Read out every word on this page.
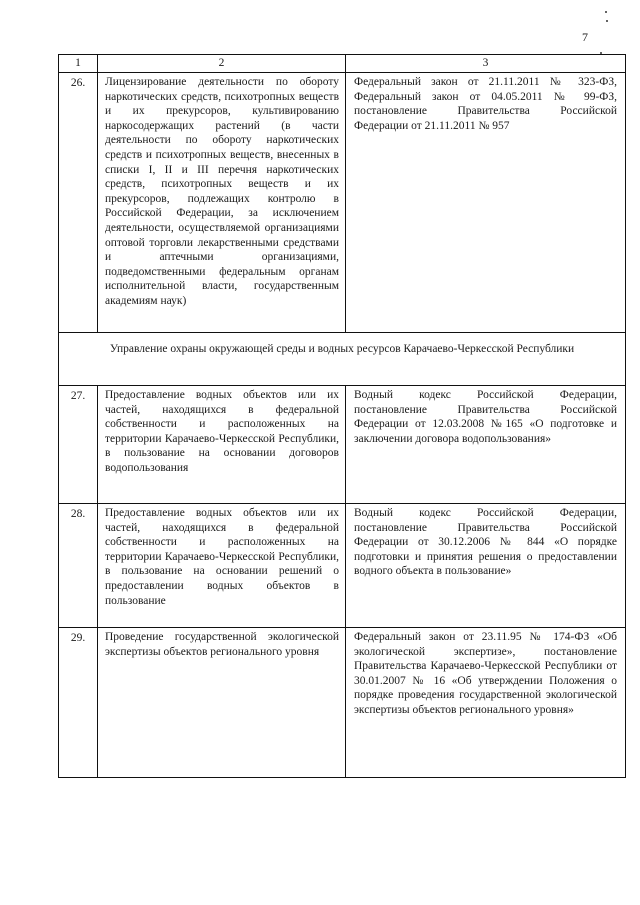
7
1	2	3
26.	Лицензирование деятельности по обороту наркотических средств, психотропных веществ и их прекурсоров, культивированию наркосодержащих растений (в части деятельности по обороту наркотических средств и психотропных веществ, внесенных в списки I, II и III перечня наркотических средств, психотропных веществ и их прекурсоров, подлежащих контролю в Российской Федерации, за исключением деятельности, осуществляемой организациями оптовой торговли лекарственными средствами и аптечными организациями, подведомственными федеральным органам исполнительной власти, государственным академиям наук)	Федеральный закон от 21.11.2011 № 323-ФЗ, Федеральный закон от 04.05.2011 № 99-ФЗ, постановление Правительства Российской Федерации от 21.11.2011 № 957
Управление охраны окружающей среды и водных ресурсов Карачаево-Черкесской Республики		
27.	Предоставление водных объектов или их частей, находящихся в федеральной собственности и расположенных на территории Карачаево-Черкесской Республики, в пользование на основании договоров водопользования	Водный кодекс Российской Федерации, постановление Правительства Российской Федерации от 12.03.2008 №165 «О подготовке и заключении договора водопользования»
28.	Предоставление водных объектов или их частей, находящихся в федеральной собственности и расположенных на территории Карачаево-Черкесской Республики, в пользование на основании решений о предоставлении водных объектов в пользование	Водный кодекс Российской Федерации, постановление Правительства Российской Федерации от 30.12.2006 № 844 «О порядке подготовки и принятия решения о предоставлении водного объекта в пользование»
29.	Проведение государственной экологической экспертизы объектов регионального уровня	Федеральный закон от 23.11.95 № 174-ФЗ «Об экологической экспертизе», постановление Правительства Карачаево-Черкесской Республики от 30.01.2007 № 16 «Об утверждении Положения о порядке проведения государственной экологической экспертизы объектов регионального уровня»
